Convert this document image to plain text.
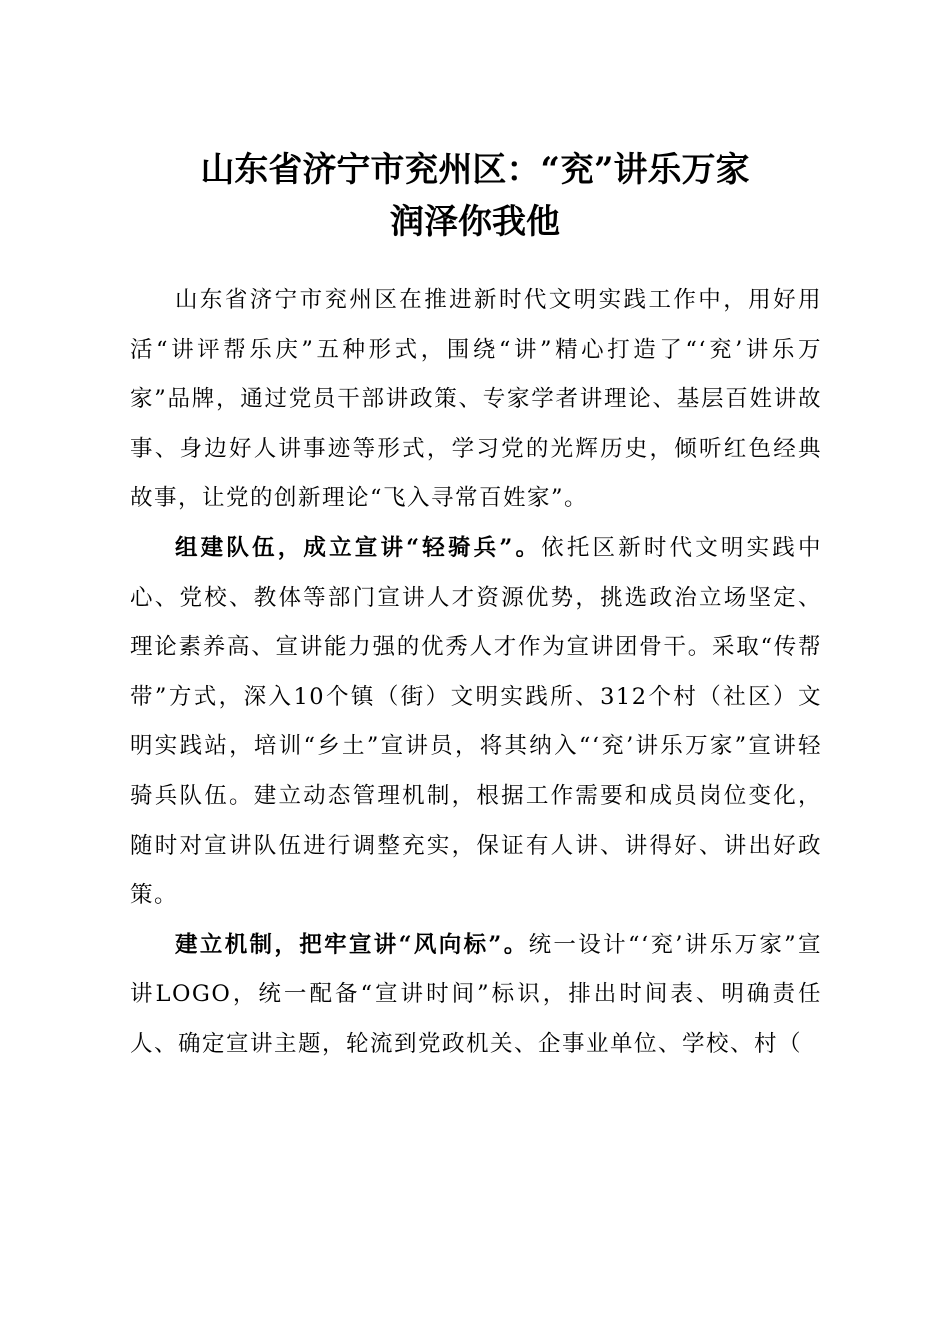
山东省济宁市兖州区：“兖”讲乐万家
润泽你我他

山东省济宁市兖州区在推进新时代文明实践工作中，用好用活“讲评帮乐庆”五种形式，围绕“讲”精心打造了“‘兖’讲乐万家”品牌，通过党员干部讲政策、专家学者讲理论、基层百姓讲故事、身边好人讲事迹等形式，学习党的光辉历史，倾听红色经典故事，让党的创新理论“飞入寻常百姓家”。

组建队伍，成立宣讲“轻骑兵”。依托区新时代文明实践中心、党校、教体等部门宣讲人才资源优势，挑选政治立场坚定、理论素养高、宣讲能力强的优秀人才作为宣讲团骨干。采取“传帮带”方式，深入10个镇（街）文明实践所、312个村（社区）文明实践站，培训“乡土”宣讲员，将其纳入“‘兖’讲乐万家”宣讲轻骑兵队伍。建立动态管理机制，根据工作需要和成员岗位变化，随时对宣讲队伍进行调整充实，保证有人讲、讲得好、讲出好政策。

建立机制，把牢宣讲“风向标”。统一设计“‘兖’讲乐万家”宣讲LOGO，统一配备“宣讲时间”标识，排出时间表、明确责任人、确定宣讲主题，轮流到党政机关、企事业单位、学校、村（
